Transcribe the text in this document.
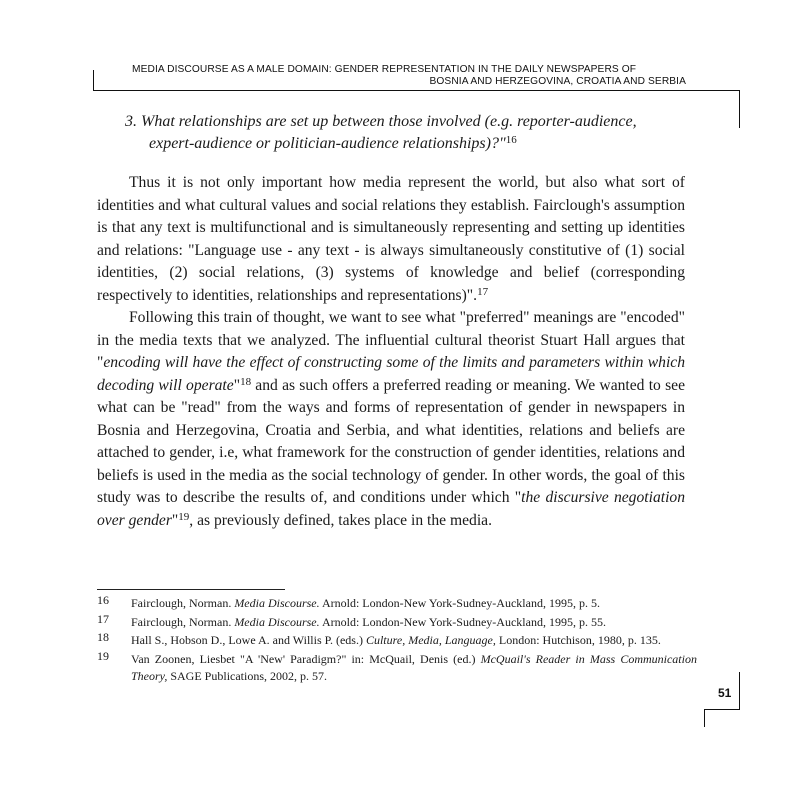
MEDIA DISCOURSE AS A MALE DOMAIN: GENDER REPRESENTATION IN THE DAILY NEWSPAPERS OF
BOSNIA AND HERZEGOVINA, CROATIA AND SERBIA
3. What relationships are set up between those involved (e.g. reporter-audience,
expert-audience or politician-audience relationships)?"$^{16}$

Thus it is not only important how media represent the world, but also what sort of identities and what cultural values and social relations they establish. Fairclough's assumption is that any text is multifunctional and is simultaneously representing and setting up identities and relations: "Language use - any text - is always simultaneously constitutive of (1) social identities, (2) social relations, (3) systems of knowledge and belief (corresponding respectively to identities, relationships and representations)".$^{17}$

Following this train of thought, we want to see what "preferred" meanings are "encoded" in the media texts that we analyzed. The influential cultural theorist Stuart Hall argues that "encoding will have the effect of constructing some of the limits and parameters within which decoding will operate"$^{18}$ and as such offers a preferred reading or meaning. We wanted to see what can be "read" from the ways and forms of representation of gender in newspapers in Bosnia and Herzegovina, Croatia and Serbia, and what identities, relations and beliefs are attached to gender, i.e, what framework for the construction of gender identities, relations and beliefs is used in the media as the social technology of gender. In other words, the goal of this study was to describe the results of, and conditions under which "the discursive negotiation over gender"$^{19}$, as previously defined, takes place in the media.

16 Fairclough, Norman. Media Discourse. Arnold: London-New York-Sudney-Auckland, 1995, p. 5.
17 Fairclough, Norman. Media Discourse. Arnold: London-New York-Sudney-Auckland, 1995, p. 55.
18 Hall S., Hobson D., Lowe A. and Willis P. (eds.) Culture, Media, Language, London: Hutchison, 1980, p. 135.
19 Van Zoonen, Liesbet "A 'New' Paradigm?" in: McQuail, Denis (ed.) McQuail's Reader in Mass Communication Theory, SAGE Publications, 2002, p. 57.
51
